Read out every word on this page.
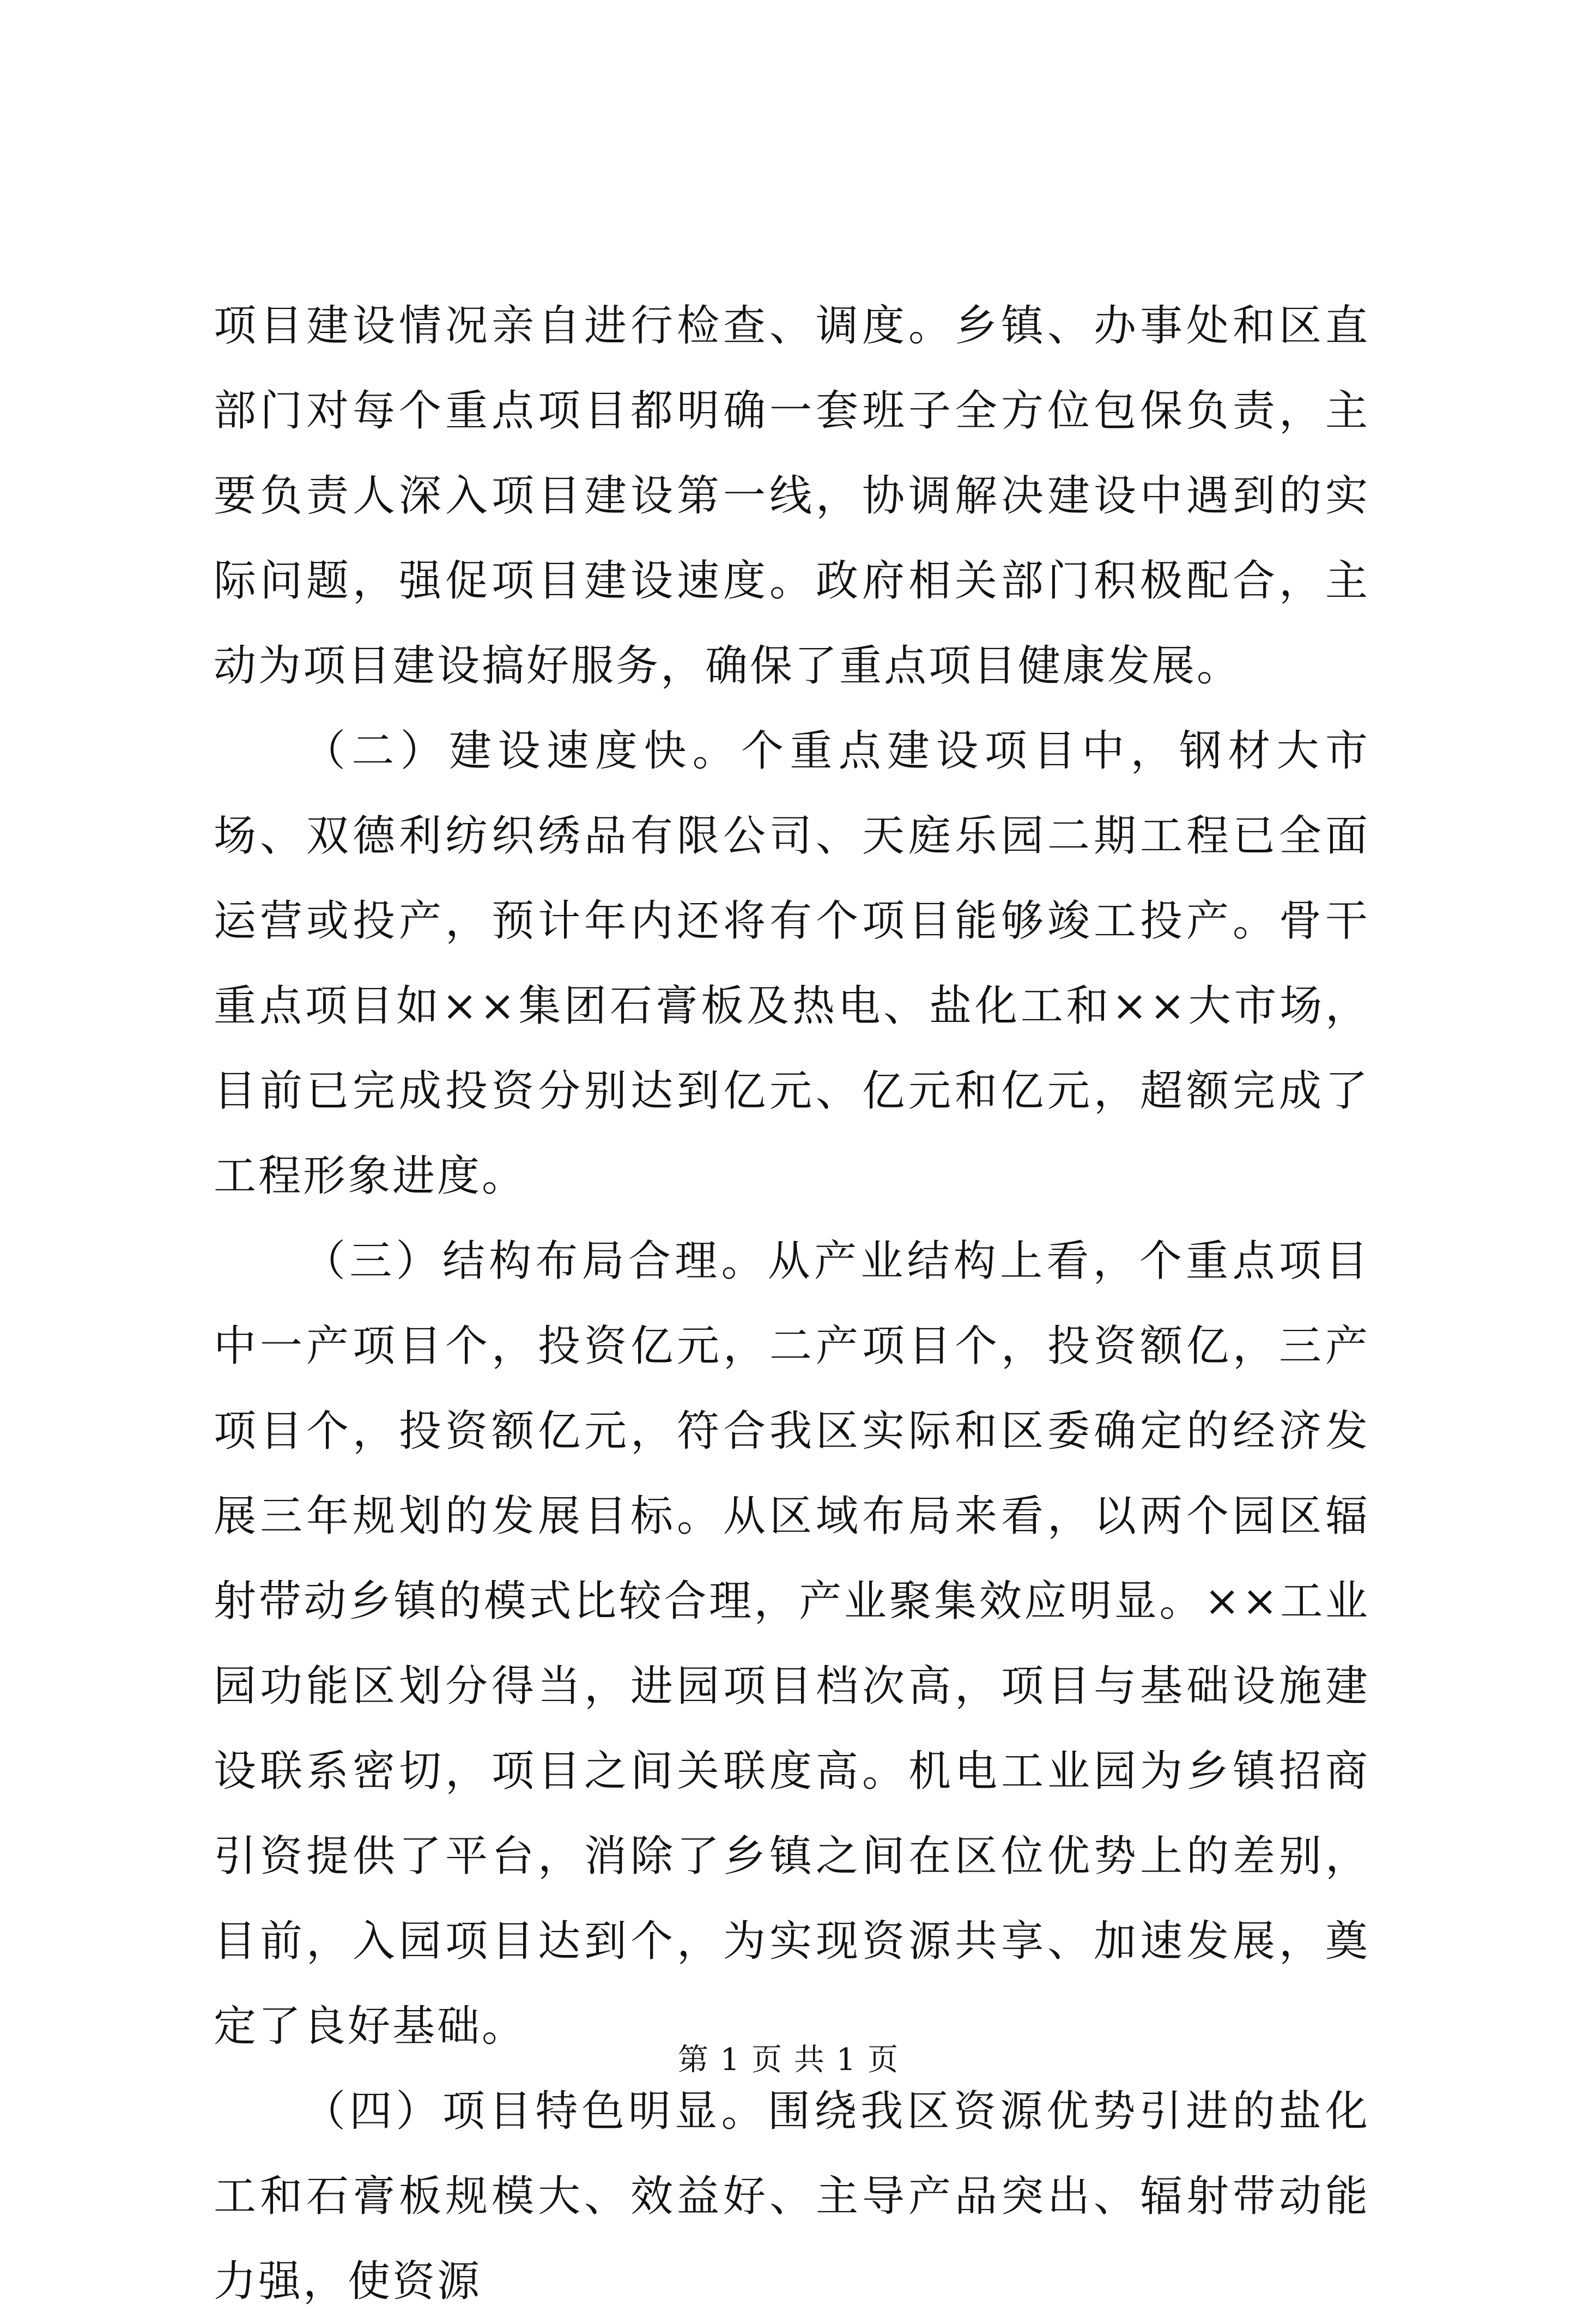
项目建设情况亲自进行检查、调度。乡镇、办事处和区直部门对每个重点项目都明确一套班子全方位包保负责，主要负责人深入项目建设第一线，协调解决建设中遇到的实际问题，强促项目建设速度。政府相关部门积极配合，主动为项目建设搞好服务，确保了重点项目健康发展。

（二）建设速度快。个重点建设项目中，钢材大市场、双德利纺织绣品有限公司、天庭乐园二期工程已全面运营或投产，预计年内还将有个项目能够竣工投产。骨干重点项目如××集团石膏板及热电、盐化工和××大市场，目前已完成投资分别达到亿元、亿元和亿元，超额完成了工程形象进度。

（三）结构布局合理。从产业结构上看，个重点项目中一产项目个，投资亿元，二产项目个，投资额亿，三产项目个，投资额亿元，符合我区实际和区委确定的经济发展三年规划的发展目标。从区域布局来看，以两个园区辐射带动乡镇的模式比较合理，产业聚集效应明显。××工业园功能区划分得当，进园项目档次高，项目与基础设施建设联系密切，项目之间关联度高。机电工业园为乡镇招商引资提供了平台，消除了乡镇之间在区位优势上的差别，目前，入园项目达到个，为实现资源共享、加速发展，奠定了良好基础。

（四）项目特色明显。围绕我区资源优势引进的盐化工和石膏板规模大、效益好、主导产品突出、辐射带动能力强，使资源

第 1 页 共 1 页
